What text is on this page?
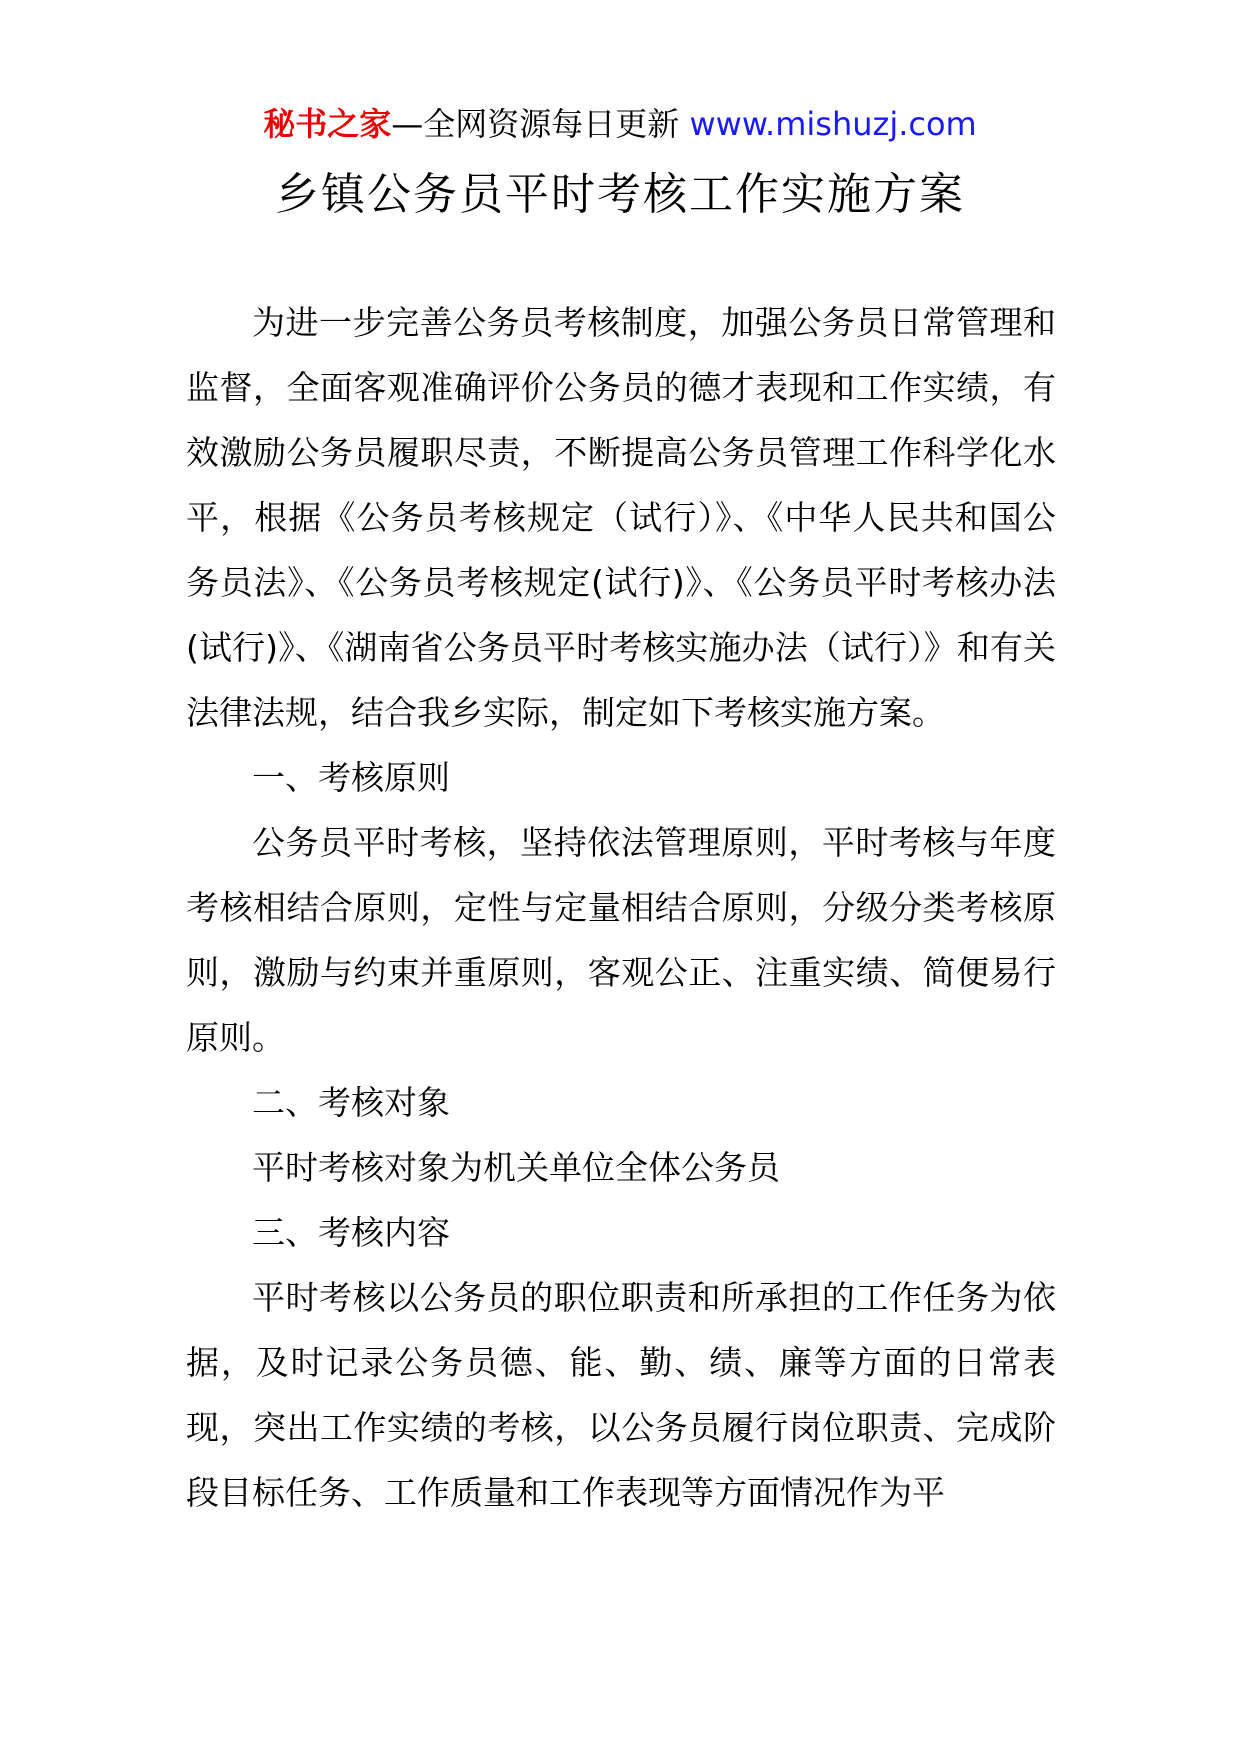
秘书之家—全网资源每日更新 www.mishuzj.com
乡镇公务员平时考核工作实施方案

为进一步完善公务员考核制度，加强公务员日常管理和监督，全面客观准确评价公务员的德才表现和工作实绩，有效激励公务员履职尽责，不断提高公务员管理工作科学化水平，根据《公务员考核规定（试行）》、《中华人民共和国公务员法》、《公务员考核规定(试行)》、《公务员平时考核办法(试行)》、《湖南省公务员平时考核实施办法（试行）》和有关法律法规，结合我乡实际，制定如下考核实施方案。

一、考核原则

公务员平时考核，坚持依法管理原则，平时考核与年度考核相结合原则，定性与定量相结合原则，分级分类考核原则，激励与约束并重原则，客观公正、注重实绩、简便易行原则。

二、考核对象

平时考核对象为机关单位全体公务员

三、考核内容

平时考核以公务员的职位职责和所承担的工作任务为依据，及时记录公务员德、能、勤、绩、廉等方面的日常表现，突出工作实绩的考核，以公务员履行岗位职责、完成阶段目标任务、工作质量和工作表现等方面情况作为平
